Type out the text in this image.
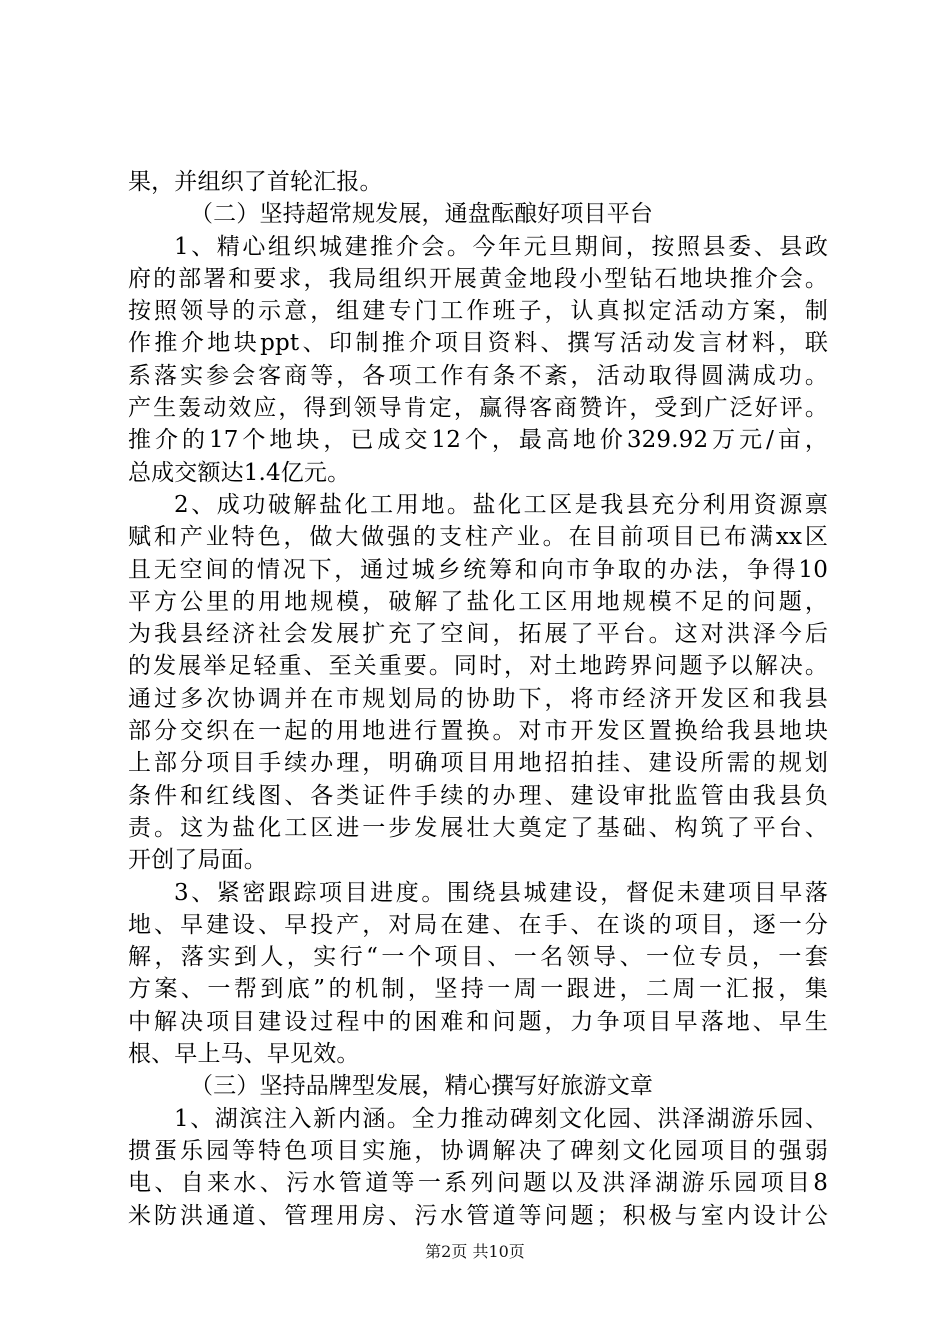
果，并组织了首轮汇报。
（二）坚持超常规发展，通盘酝酿好项目平台
1、精心组织城建推介会。今年元旦期间，按照县委、县政
府的部署和要求，我局组织开展黄金地段小型钻石地块推介会。
按照领导的示意，组建专门工作班子，认真拟定活动方案，制
作推介地块ppt、印制推介项目资料、撰写活动发言材料，联
系落实参会客商等，各项工作有条不紊，活动取得圆满成功。
产生轰动效应，得到领导肯定，赢得客商赞许，受到广泛好评。
推介的17个地块，已成交12个，最高地价329.92万元/亩，
总成交额达1.4亿元。
2、成功破解盐化工用地。盐化工区是我县充分利用资源禀
赋和产业特色，做大做强的支柱产业。在目前项目已布满xx区
且无空间的情况下，通过城乡统筹和向市争取的办法，争得10
平方公里的用地规模，破解了盐化工区用地规模不足的问题，
为我县经济社会发展扩充了空间，拓展了平台。这对洪泽今后
的发展举足轻重、至关重要。同时，对土地跨界问题予以解决。
通过多次协调并在市规划局的协助下，将市经济开发区和我县
部分交织在一起的用地进行置换。对市开发区置换给我县地块
上部分项目手续办理，明确项目用地招拍挂、建设所需的规划
条件和红线图、各类证件手续的办理、建设审批监管由我县负
责。这为盐化工区进一步发展壮大奠定了基础、构筑了平台、
开创了局面。
3、紧密跟踪项目进度。围绕县城建设，督促未建项目早落
地、早建设、早投产，对局在建、在手、在谈的项目，逐一分
解，落实到人，实行“一个项目、一名领导、一位专员，一套
方案、一帮到底”的机制，坚持一周一跟进，二周一汇报，集
中解决项目建设过程中的困难和问题，力争项目早落地、早生
根、早上马、早见效。
（三）坚持品牌型发展，精心撰写好旅游文章
1、湖滨注入新内涵。全力推动碑刻文化园、洪泽湖游乐园、
掼蛋乐园等特色项目实施，协调解决了碑刻文化园项目的强弱
电、自来水、污水管道等一系列问题以及洪泽湖游乐园项目8
米防洪通道、管理用房、污水管道等问题；积极与室内设计公
第2页 共10页
